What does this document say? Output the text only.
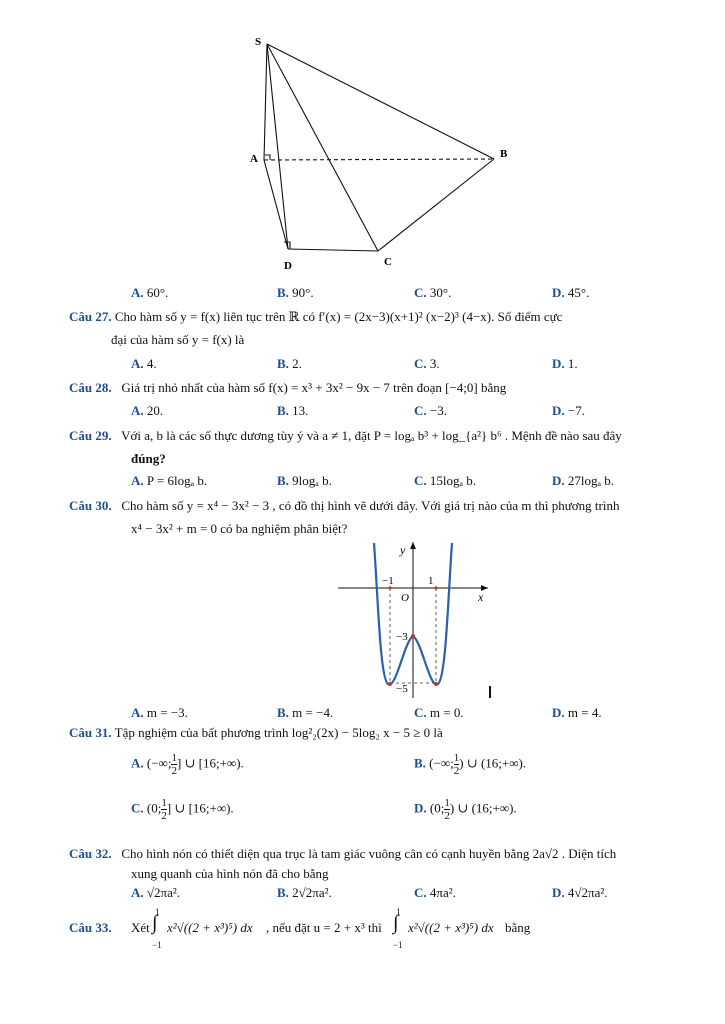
S
A	B
D	C
A. 60°.	B. 90°.	C. 30°.	D. 45°.
Câu 27. Cho hàm số y = f(x) liên tục trên ℝ có f′(x) = (2x−3)(x+1)² (x−2)³ (4−x). Số điểm cực
đại của hàm số y = f(x) là
A. 4.	B. 2.	C. 3.	D. 1.
Câu 28. Giá trị nhỏ nhất của hàm số f(x) = x³ + 3x² − 9x − 7 trên đoạn [−4;0] bằng
A. 20.	B. 13.	C. −3.	D. −7.
Câu 29. Với a, b là các số thực dương tùy ý và a ≠ 1, đặt P = logₐ b³ + log_{a²} b⁶ . Mệnh đề nào sau đây
đúng?
A. P = 6logₐ b.	B. 9logₐ b.	C. 15logₐ b.	D. 27logₐ b.
Câu 30. Cho hàm số y = x⁴ − 3x² − 3 , có đồ thị hình vẽ dưới đây. Với giá trị nào của m thì phương trình
x⁴ − 3x² + m = 0 có ba nghiệm phân biệt?
y
x
O
−1	1
−3
−5
A. m = −3.	B. m = −4.	C. m = 0.	D. m = 4.
Câu 31. Tập nghiệm của bất phương trình log²₂(2x) − 5log₂ x − 5 ≥ 0 là
A. (−∞; $\frac{1}{2}$ ] ∪ [16;+∞).	B. (−∞; $\frac{1}{2}$ ) ∪ (16;+∞).
C. (0; $\frac{1}{2}$ ] ∪ [16;+∞).	D. (0; $\frac{1}{2}$ ) ∪ (16;+∞).
Câu 32. Cho hình nón có thiết diện qua trục là tam giác vuông cân có cạnh huyền bằng 2a√2 . Diện tích
xung quanh của hình nón đã cho bằng
A. √2πa².	B. 2√2πa².	C. 4πa².	D. 4√2πa².
Câu 33. Xét
1
∫
−1
x²√((2 + x³)⁵) dx , nếu đặt u = 2 + x³ thì
1
∫
−1
x²√((2 + x³)⁵) dx bằng
